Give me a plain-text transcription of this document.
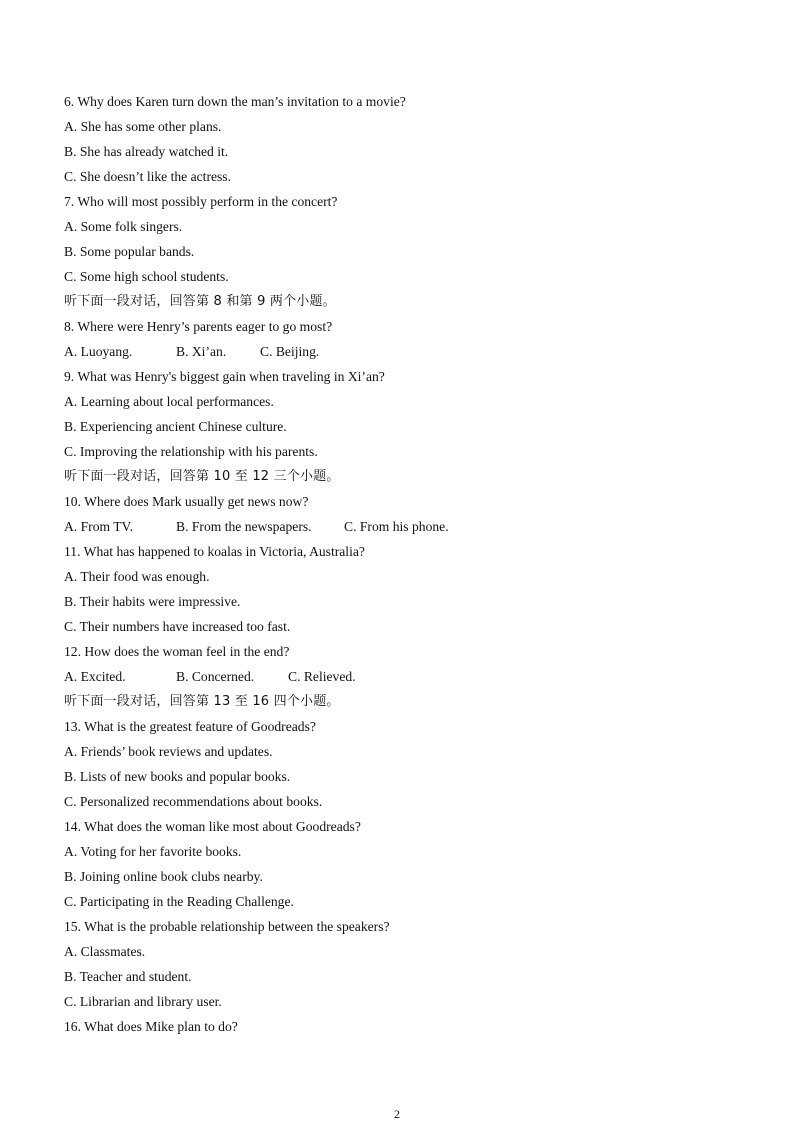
6. Why does Karen turn down the man’s invitation to a movie?
A. She has some other plans.
B. She has already watched it.
C. She doesn’t like the actress.
7. Who will most possibly perform in the concert?
A. Some folk singers.
B. Some popular bands.
C. Some high school students.
听下面一段对话，回答第 8 和第 9 两个小题。
8. Where were Henry’s parents eager to go most?
A. Luoyang.	B. Xi’an. C. Beijing.
9. What was Henry's biggest gain when traveling in Xi’an?
A. Learning about local performances.
B. Experiencing ancient Chinese culture.
C. Improving the relationship with his parents.
听下面一段对话，回答第 10 至 12 三个小题。
10. Where does Mark usually get news now?
A. From TV.	B. From the newspapers. C. From his phone.
11. What has happened to koalas in Victoria, Australia?
A. Their food was enough.
B. Their habits were impressive.
C. Their numbers have increased too fast.
12. How does the woman feel in the end?
A. Excited.	B. Concerned. C. Relieved.
听下面一段对话，回答第 13 至 16 四个小题。
13. What is the greatest feature of Goodreads?
A. Friends’ book reviews and updates.
B. Lists of new books and popular books.
C. Personalized recommendations about books.
14. What does the woman like most about Goodreads?
A. Voting for her favorite books.
B. Joining online book clubs nearby.
C. Participating in the Reading Challenge.
15. What is the probable relationship between the speakers?
A. Classmates.
B. Teacher and student.
C. Librarian and library user.
16. What does Mike plan to do?
2
